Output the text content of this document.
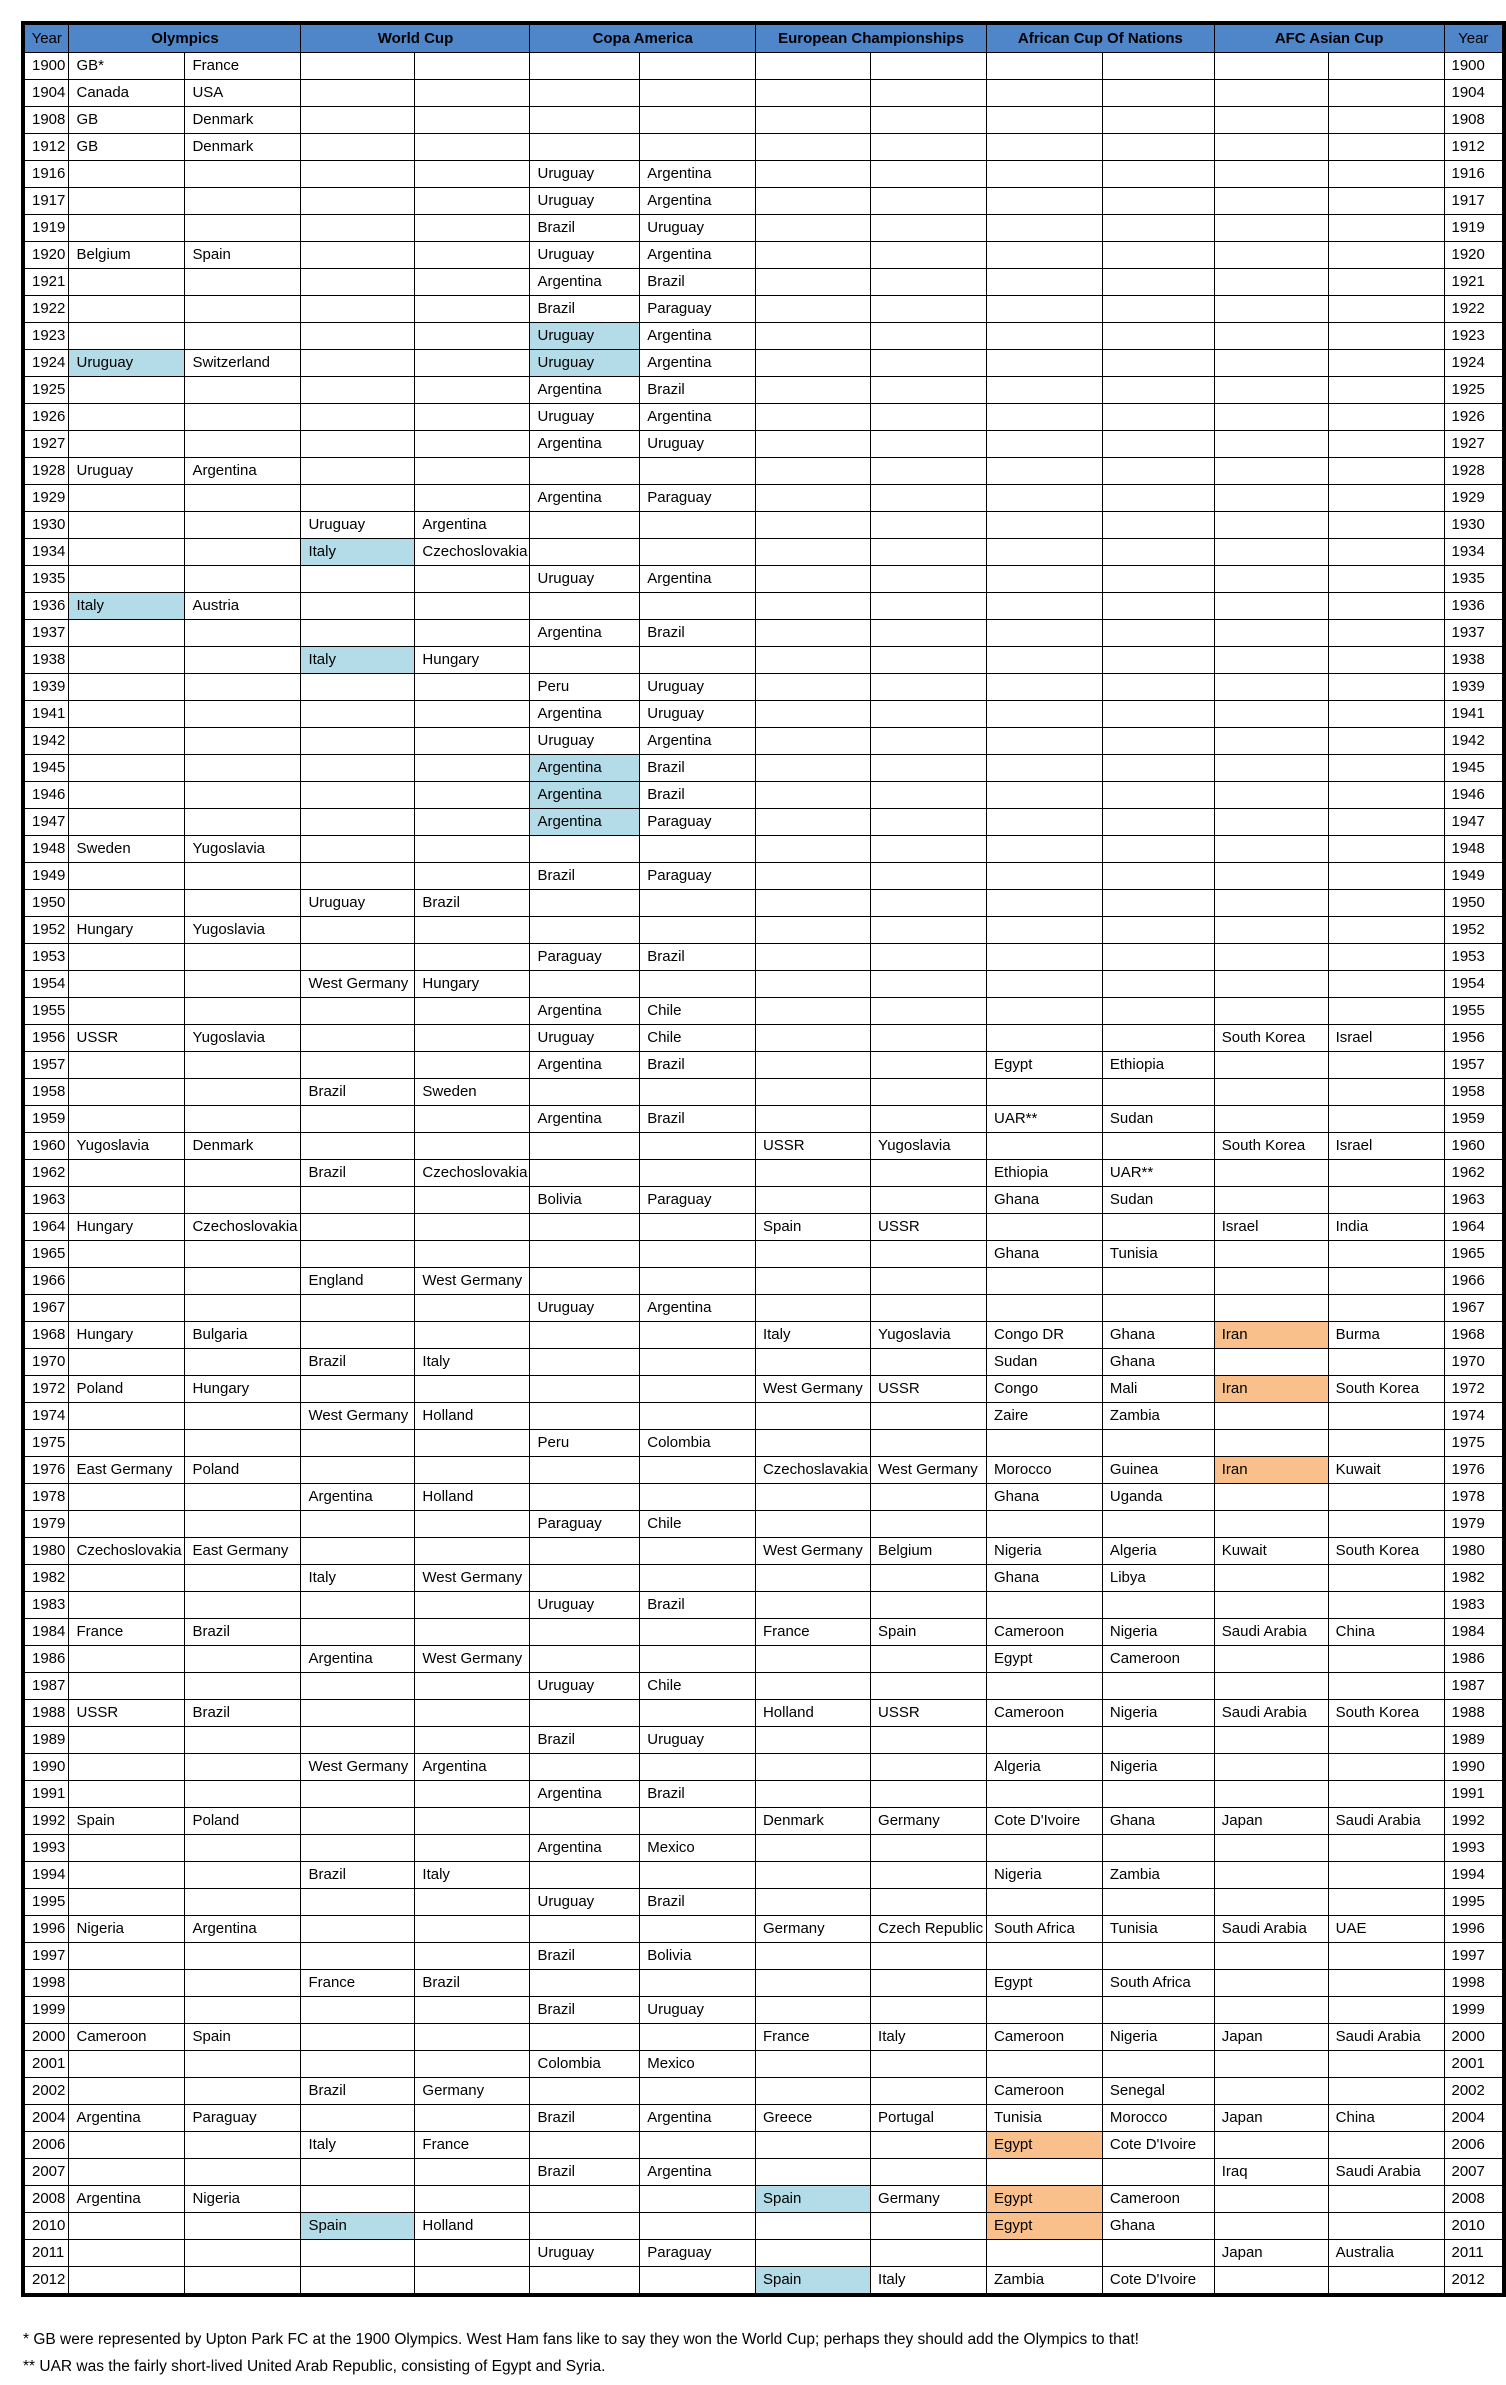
Year	Olympics		World Cup		Copa America		European Championships		African Cup Of Nations		AFC Asian Cup		Year
1900	GB*	France											1900
1904	Canada	USA											1904
1908	GB	Denmark											1908
1912	GB	Denmark											1912
1916					Uruguay	Argentina							1916
1917					Uruguay	Argentina							1917
1919					Brazil	Uruguay							1919
1920	Belgium	Spain			Uruguay	Argentina							1920
1921					Argentina	Brazil							1921
1922					Brazil	Paraguay							1922
1923					Uruguay	Argentina							1923
1924	Uruguay	Switzerland			Uruguay	Argentina							1924
1925					Argentina	Brazil							1925
1926					Uruguay	Argentina							1926
1927					Argentina	Uruguay							1927
1928	Uruguay	Argentina											1928
1929					Argentina	Paraguay							1929
1930			Uruguay	Argentina									1930
1934			Italy	Czechoslovakia									1934
1935					Uruguay	Argentina							1935
1936	Italy	Austria											1936
1937					Argentina	Brazil							1937
1938			Italy	Hungary									1938
1939					Peru	Uruguay							1939
1941					Argentina	Uruguay							1941
1942					Uruguay	Argentina							1942
1945					Argentina	Brazil							1945
1946					Argentina	Brazil							1946
1947					Argentina	Paraguay							1947
1948	Sweden	Yugoslavia											1948
1949					Brazil	Paraguay							1949
1950			Uruguay	Brazil									1950
1952	Hungary	Yugoslavia											1952
1953					Paraguay	Brazil							1953
1954			West Germany	Hungary									1954
1955					Argentina	Chile							1955
1956	USSR	Yugoslavia			Uruguay	Chile					South Korea	Israel	1956
1957					Argentina	Brazil			Egypt	Ethiopia			1957
1958			Brazil	Sweden									1958
1959					Argentina	Brazil			UAR**	Sudan			1959
1960	Yugoslavia	Denmark					USSR	Yugoslavia			South Korea	Israel	1960
1962			Brazil	Czechoslovakia					Ethiopia	UAR**			1962
1963					Bolivia	Paraguay			Ghana	Sudan			1963
1964	Hungary	Czechoslovakia					Spain	USSR			Israel	India	1964
1965									Ghana	Tunisia			1965
1966			England	West Germany									1966
1967					Uruguay	Argentina							1967
1968	Hungary	Bulgaria					Italy	Yugoslavia	Congo DR	Ghana	Iran	Burma	1968
1970			Brazil	Italy					Sudan	Ghana			1970
1972	Poland	Hungary					West Germany	USSR	Congo	Mali	Iran	South Korea	1972
1974			West Germany	Holland					Zaire	Zambia			1974
1975					Peru	Colombia							1975
1976	East Germany	Poland					Czechoslavakia	West Germany	Morocco	Guinea	Iran	Kuwait	1976
1978			Argentina	Holland					Ghana	Uganda			1978
1979					Paraguay	Chile							1979
1980	Czechoslovakia	East Germany					West Germany	Belgium	Nigeria	Algeria	Kuwait	South Korea	1980
1982			Italy	West Germany					Ghana	Libya			1982
1983					Uruguay	Brazil							1983
1984	France	Brazil					France	Spain	Cameroon	Nigeria	Saudi Arabia	China	1984
1986			Argentina	West Germany					Egypt	Cameroon			1986
1987					Uruguay	Chile							1987
1988	USSR	Brazil					Holland	USSR	Cameroon	Nigeria	Saudi Arabia	South Korea	1988
1989					Brazil	Uruguay							1989
1990			West Germany	Argentina					Algeria	Nigeria			1990
1991					Argentina	Brazil							1991
1992	Spain	Poland					Denmark	Germany	Cote D'Ivoire	Ghana	Japan	Saudi Arabia	1992
1993					Argentina	Mexico							1993
1994			Brazil	Italy					Nigeria	Zambia			1994
1995					Uruguay	Brazil							1995
1996	Nigeria	Argentina					Germany	Czech Republic	South Africa	Tunisia	Saudi Arabia	UAE	1996
1997					Brazil	Bolivia							1997
1998			France	Brazil					Egypt	South Africa			1998
1999					Brazil	Uruguay							1999
2000	Cameroon	Spain					France	Italy	Cameroon	Nigeria	Japan	Saudi Arabia	2000
2001					Colombia	Mexico							2001
2002			Brazil	Germany					Cameroon	Senegal			2002
2004	Argentina	Paraguay			Brazil	Argentina	Greece	Portugal	Tunisia	Morocco	Japan	China	2004
2006			Italy	France					Egypt	Cote D'Ivoire			2006
2007					Brazil	Argentina					Iraq	Saudi Arabia	2007
2008	Argentina	Nigeria					Spain	Germany	Egypt	Cameroon			2008
2010			Spain	Holland					Egypt	Ghana			2010
2011					Uruguay	Paraguay					Japan	Australia	2011
2012							Spain	Italy	Zambia	Cote D'Ivoire			2012

* GB were represented by Upton Park FC at the 1900 Olympics. West Ham fans like to say they won the World Cup; perhaps they should add the Olympics to that!

** UAR was the fairly short-lived United Arab Republic, consisting of Egypt and Syria.
